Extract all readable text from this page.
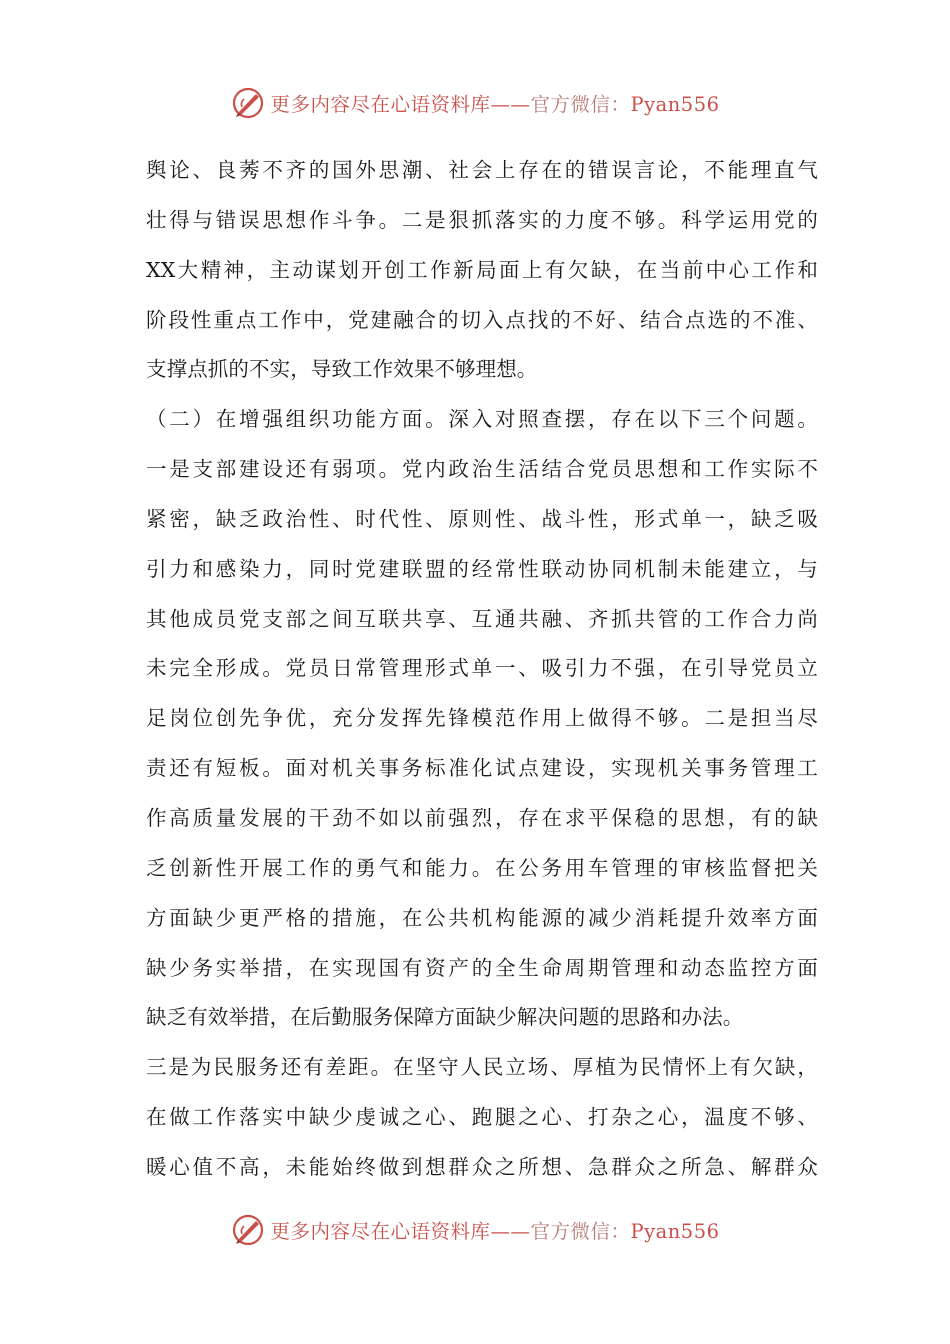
更多内容尽在心语资料库——官方微信：Pyan556
舆论、良莠不齐的国外思潮、社会上存在的错误言论，不能理直气
壮得与错误思想作斗争。二是狠抓落实的力度不够。科学运用党的
XX大精神，主动谋划开创工作新局面上有欠缺，在当前中心工作和
阶段性重点工作中，党建融合的切入点找的不好、结合点选的不准、
支撑点抓的不实，导致工作效果不够理想。
（二）在增强组织功能方面。深入对照查摆，存在以下三个问题。
一是支部建设还有弱项。党内政治生活结合党员思想和工作实际不
紧密，缺乏政治性、时代性、原则性、战斗性，形式单一，缺乏吸
引力和感染力，同时党建联盟的经常性联动协同机制未能建立，与
其他成员党支部之间互联共享、互通共融、齐抓共管的工作合力尚
未完全形成。党员日常管理形式单一、吸引力不强，在引导党员立
足岗位创先争优，充分发挥先锋模范作用上做得不够。二是担当尽
责还有短板。面对机关事务标准化试点建设，实现机关事务管理工
作高质量发展的干劲不如以前强烈，存在求平保稳的思想，有的缺
乏创新性开展工作的勇气和能力。在公务用车管理的审核监督把关
方面缺少更严格的措施，在公共机构能源的减少消耗提升效率方面
缺少务实举措，在实现国有资产的全生命周期管理和动态监控方面
缺乏有效举措，在后勤服务保障方面缺少解决问题的思路和办法。
三是为民服务还有差距。在坚守人民立场、厚植为民情怀上有欠缺，
在做工作落实中缺少虔诚之心、跑腿之心、打杂之心，温度不够、
暖心值不高，未能始终做到想群众之所想、急群众之所急、解群众
更多内容尽在心语资料库——官方微信：Pyan556
